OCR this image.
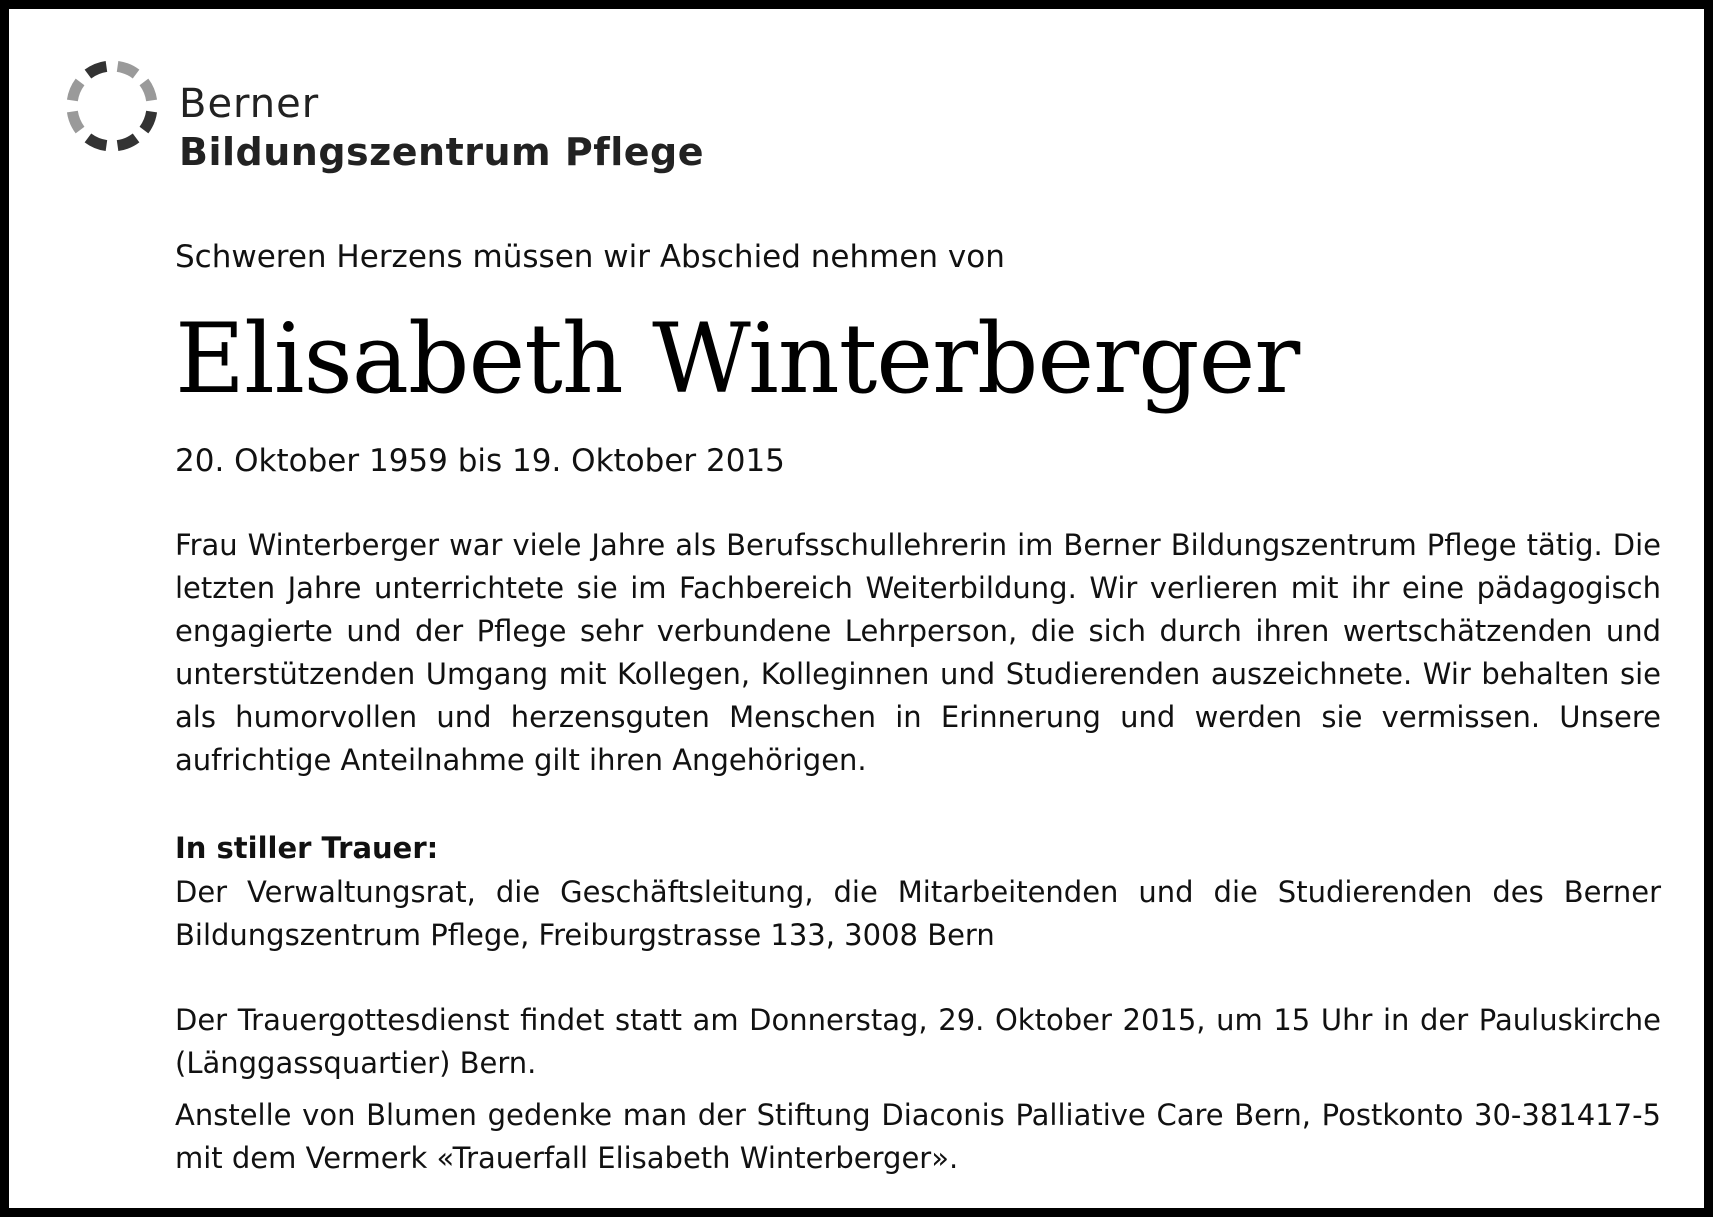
Berner
Bildungszentrum Pflege
Schweren Herzens müssen wir Abschied nehmen von
Elisabeth Winterberger
20. Oktober 1959 bis 19. Oktober 2015
Frau Winterberger war viele Jahre als Berufsschullehrerin im Berner Bildungszentrum Pflege tätig. Die letzten Jahre unterrichtete sie im Fachbereich Weiterbildung. Wir verlieren mit ihr eine pädagogisch engagierte und der Pflege sehr verbundene Lehrperson, die sich durch ihren wertschätzenden und unterstützenden Umgang mit Kollegen, Kolleginnen und Studierenden auszeichnete. Wir behalten sie als humorvollen und herzensguten Menschen in Erinnerung und werden sie vermissen. Unsere aufrichtige Anteilnahme gilt ihren Angehörigen.
In stiller Trauer:
Der Verwaltungsrat, die Geschäftsleitung, die Mitarbeitenden und die Studierenden des Berner Bildungszentrum Pflege, Freiburgstrasse 133, 3008 Bern
Der Trauergottesdienst findet statt am Donnerstag, 29. Oktober 2015, um 15 Uhr in der Pauluskirche (Länggassquartier) Bern.
Anstelle von Blumen gedenke man der Stiftung Diaconis Palliative Care Bern, Postkonto 30-381417-5 mit dem Vermerk «Trauerfall Elisabeth Winterberger».
